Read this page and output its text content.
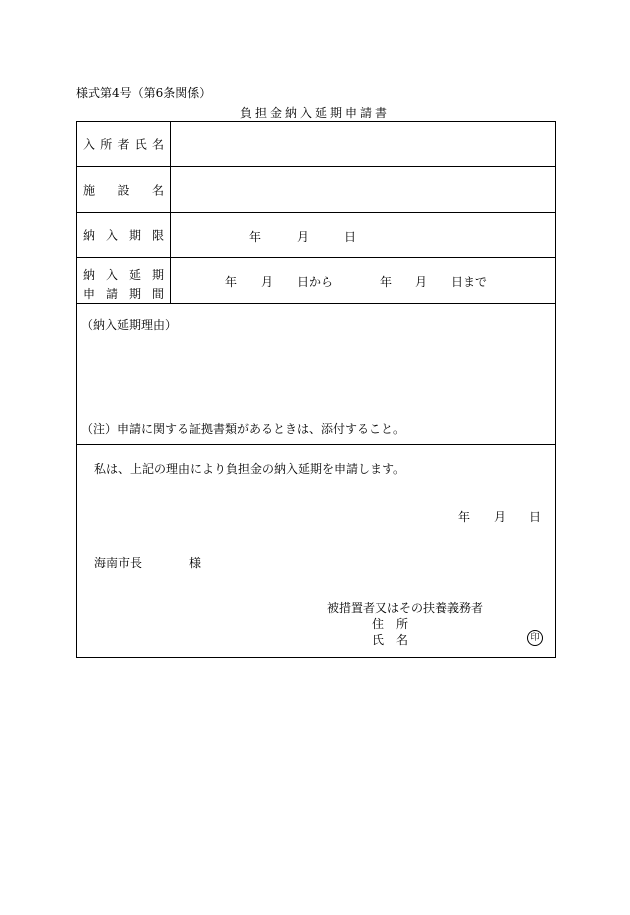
様式第4号（第6条関係）
負担金納入延期申請書
入 所 者 氏 名
施 設 名
納 入 期 限	年	月	日
納 入 延 期
申 請 期 間
年 月 日から	年 月 日まで
（納入延期理由）
（注）申請に関する証拠書類があるときは、添付すること。
私は、上記の理由により負担金の納入延期を申請します。
年 月 日
海南市長	様
被措置者又はその扶養義務者
住　所
氏　名	印
